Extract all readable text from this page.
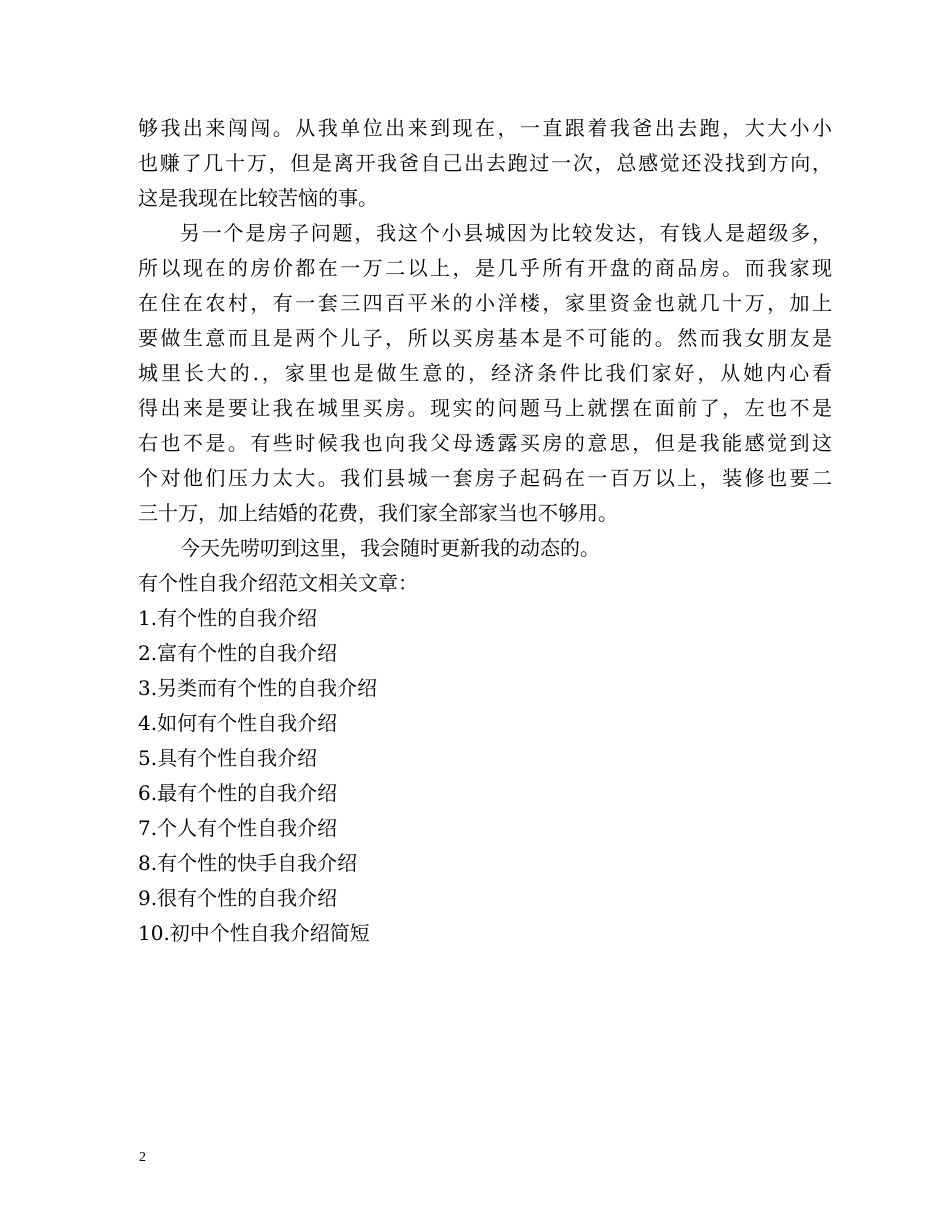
够我出来闯闯。从我单位出来到现在，一直跟着我爸出去跑，大大小小
也赚了几十万，但是离开我爸自己出去跑过一次，总感觉还没找到方向，
这是我现在比较苦恼的事。
另一个是房子问题，我这个小县城因为比较发达，有钱人是超级多，
所以现在的房价都在一万二以上，是几乎所有开盘的商品房。而我家现
在住在农村，有一套三四百平米的小洋楼，家里资金也就几十万，加上
要做生意而且是两个儿子，所以买房基本是不可能的。然而我女朋友是
城里长大的.，家里也是做生意的，经济条件比我们家好，从她内心看
得出来是要让我在城里买房。现实的问题马上就摆在面前了，左也不是
右也不是。有些时候我也向我父母透露买房的意思，但是我能感觉到这
个对他们压力太大。我们县城一套房子起码在一百万以上，装修也要二
三十万，加上结婚的花费，我们家全部家当也不够用。
今天先唠叨到这里，我会随时更新我的动态的。
有个性自我介绍范文相关文章：
1.有个性的自我介绍
2.富有个性的自我介绍
3.另类而有个性的自我介绍
4.如何有个性自我介绍
5.具有个性自我介绍
6.最有个性的自我介绍
7.个人有个性自我介绍
8.有个性的快手自我介绍
9.很有个性的自我介绍
10.初中个性自我介绍简短
2
